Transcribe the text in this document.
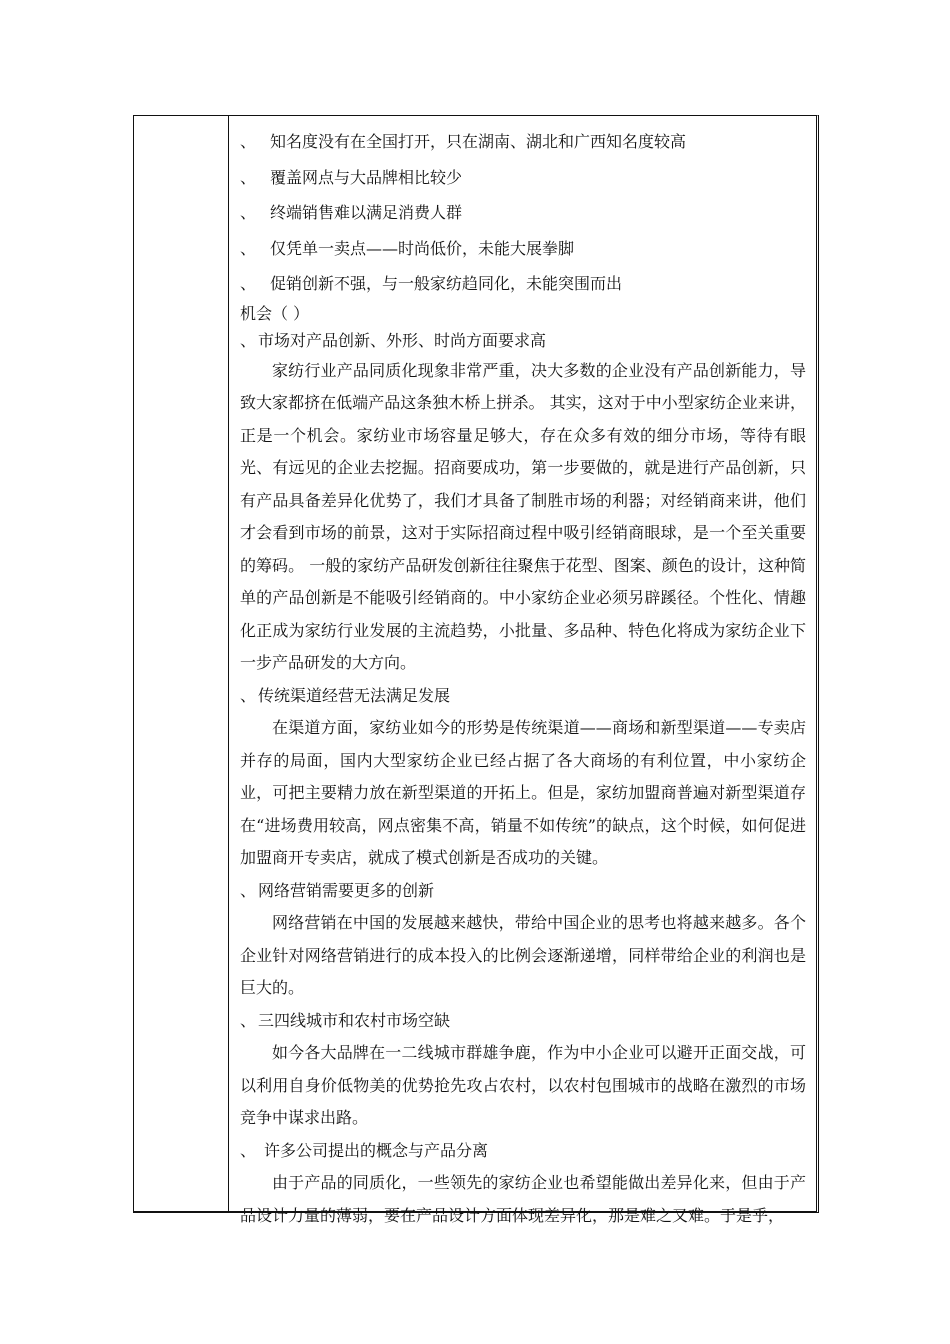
、 知名度没有在全国打开，只在湖南、湖北和广西知名度较高
、 覆盖网点与大品牌相比较少
、 终端销售难以满足消费人群
、 仅凭单一卖点——时尚低价，未能大展拳脚
、 促销创新不强，与一般家纺趋同化，未能突围而出
机会（ ）
、 市场对产品创新、外形、时尚方面要求高

家纺行业产品同质化现象非常严重，决大多数的企业没有产品创新能力，导致大家都挤在低端产品这条独木桥上拼杀。 其实，这对于中小型家纺企业来讲，正是一个机会。家纺业市场容量足够大，存在众多有效的细分市场，等待有眼光、有远见的企业去挖掘。招商要成功，第一步要做的，就是进行产品创新，只有产品具备差异化优势了，我们才具备了制胜市场的利器；对经销商来讲，他们才会看到市场的前景，这对于实际招商过程中吸引经销商眼球，是一个至关重要的筹码。 一般的家纺产品研发创新往往聚焦于花型、图案、颜色的设计，这种简单的产品创新是不能吸引经销商的。中小家纺企业必须另辟蹊径。个性化、情趣化正成为家纺行业发展的主流趋势，小批量、多品种、特色化将成为家纺企业下一步产品研发的大方向。

、 传统渠道经营无法满足发展

在渠道方面，家纺业如今的形势是传统渠道——商场和新型渠道——专卖店并存的局面，国内大型家纺企业已经占据了各大商场的有利位置，中小家纺企业，可把主要精力放在新型渠道的开拓上。但是，家纺加盟商普遍对新型渠道存在“进场费用较高，网点密集不高，销量不如传统”的缺点，这个时候，如何促进加盟商开专卖店，就成了模式创新是否成功的关键。

、 网络营销需要更多的创新

网络营销在中国的发展越来越快，带给中国企业的思考也将越来越多。各个企业针对网络营销进行的成本投入的比例会逐渐递增，同样带给企业的利润也是巨大的。

、 三四线城市和农村市场空缺

如今各大品牌在一二线城市群雄争鹿，作为中小企业可以避开正面交战，可以利用自身价低物美的优势抢先攻占农村，以农村包围城市的战略在激烈的市场竞争中谋求出路。

、 许多公司提出的概念与产品分离

由于产品的同质化，一些领先的家纺企业也希望能做出差异化来，但由于产品设计力量的薄弱，要在产品设计方面体现差异化，那是难之又难。于是乎，
